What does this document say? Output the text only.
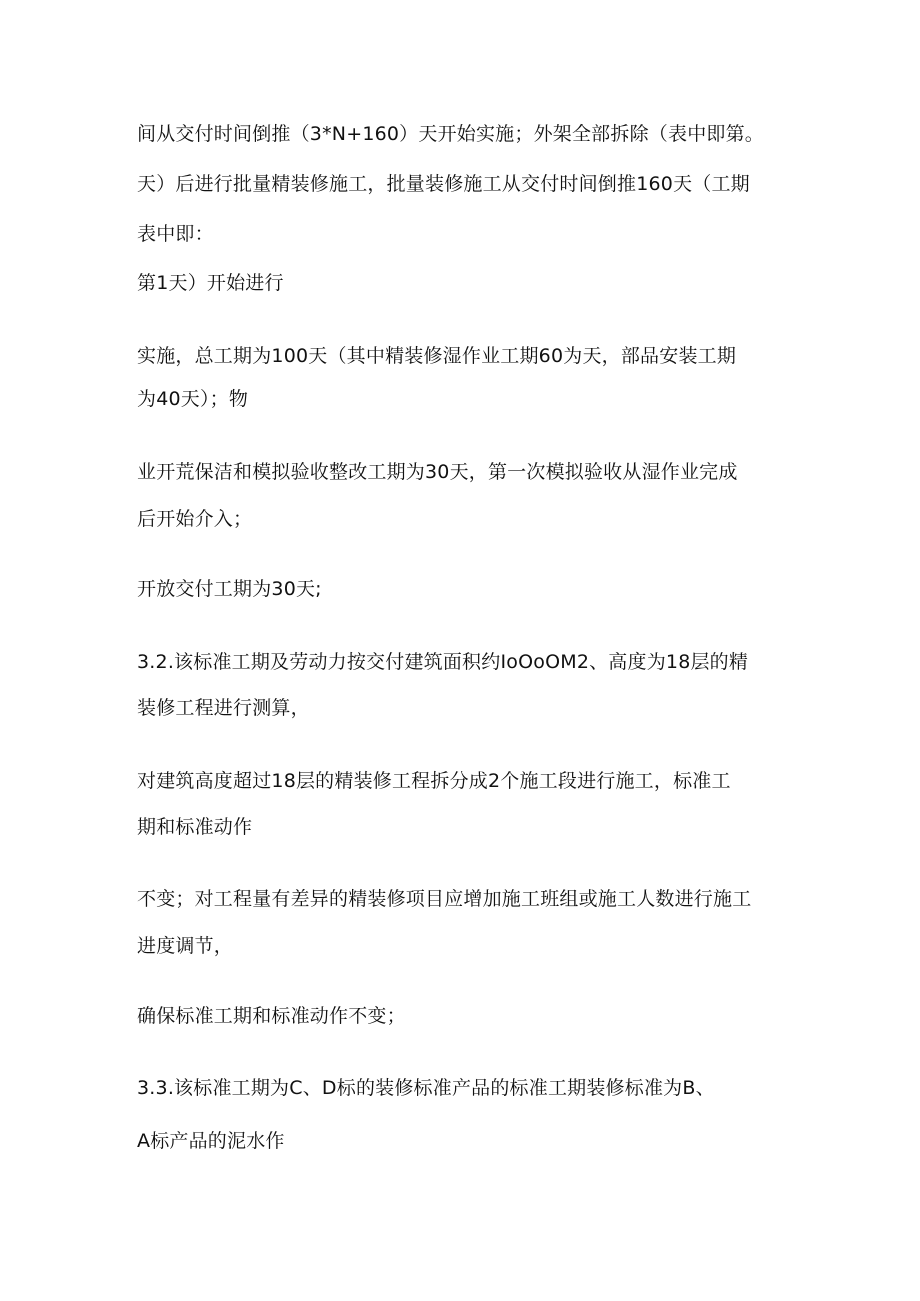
间从交付时间倒推（3*N+160）天开始实施；外架全部拆除（表中即第。
天）后进行批量精装修施工，批量装修施工从交付时间倒推160天（工期
表中即：
第1天）开始进行
实施，总工期为100天（其中精装修湿作业工期60为天，部品安装工期
为40天）；物
业开荒保洁和模拟验收整改工期为30天，第一次模拟验收从湿作业完成
后开始介入；
开放交付工期为30天;
3.2.该标准工期及劳动力按交付建筑面积约IoOoOM2、高度为18层的精
装修工程进行测算，
对建筑高度超过18层的精装修工程拆分成2个施工段进行施工，标准工
期和标准动作
不变；对工程量有差异的精装修项目应增加施工班组或施工人数进行施工
进度调节，
确保标准工期和标准动作不变；
3.3.该标准工期为C、D标的装修标准产品的标准工期装修标准为B、
A标产品的泥水作
